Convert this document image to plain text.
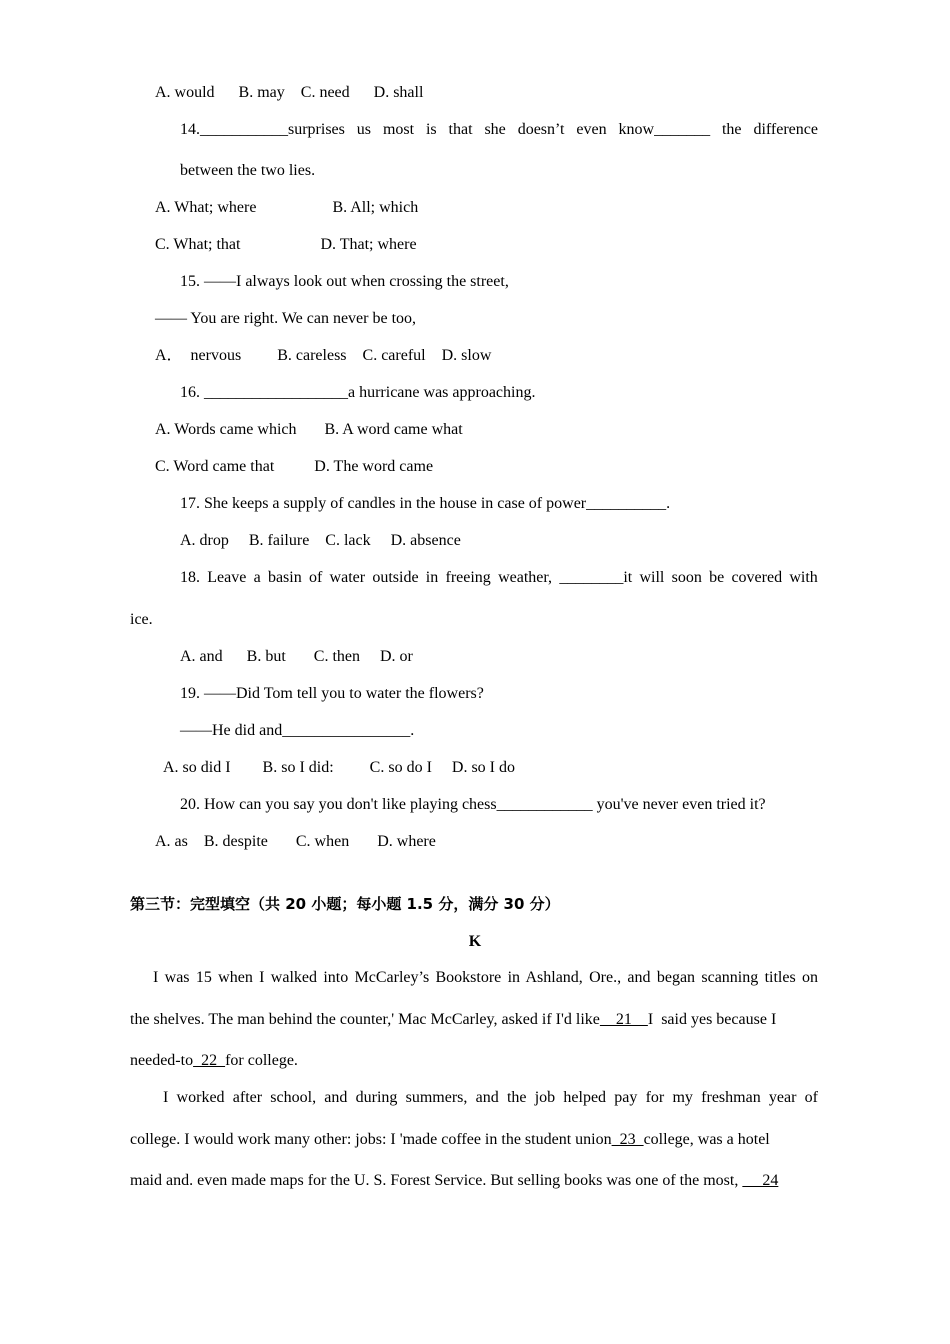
A. would      B. may    C. need      D. shall
14.___________surprises us most is that she doesn’t even know_______ the difference
between the two lies.
A. What; where                   B. All; which
C. What; that                    D. That; where
15. ——I always look out when crossing the street,
—— You are right. We can never be too,
A．  nervous         B. careless    C. careful    D. slow
16. __________________a hurricane was approaching.
A. Words came which       B. A word came what
C. Word came that          D. The word came
17. She keeps a supply of candles in the house in case of power__________.
A. drop     B. failure    C. lack     D. absence
18. Leave a basin of water outside in freeing weather, ________it will soon be covered with
ice.
A. and      B. but       C. then     D. or
19. ——Did Tom tell you to water the flowers?
——He did and________________.
A. so did I        B. so I did:         C. so do I     D. so I do
20. How can you say you don't like playing chess____________ you've never even tried it?
A. as    B. despite       C. when       D. where
第三节：完型填空（共 20 小题；每小题 1.5 分，满分 30 分）
K
I was 15 when I walked into McCarley’s Bookstore in Ashland, Ore., and began scanning titles on
the shelves. The man behind the counter,' Mac McCarley, asked if I'd like    21    I  said yes because I
needed-to  22  for college.
I worked after school, and during summers, and the job helped pay for my freshman year of
college. I would work many other: jobs: I 'made coffee in the student union  23  college, was a hotel
maid and. even made maps for the U. S. Forest Service. But selling books was one of the most,      24
